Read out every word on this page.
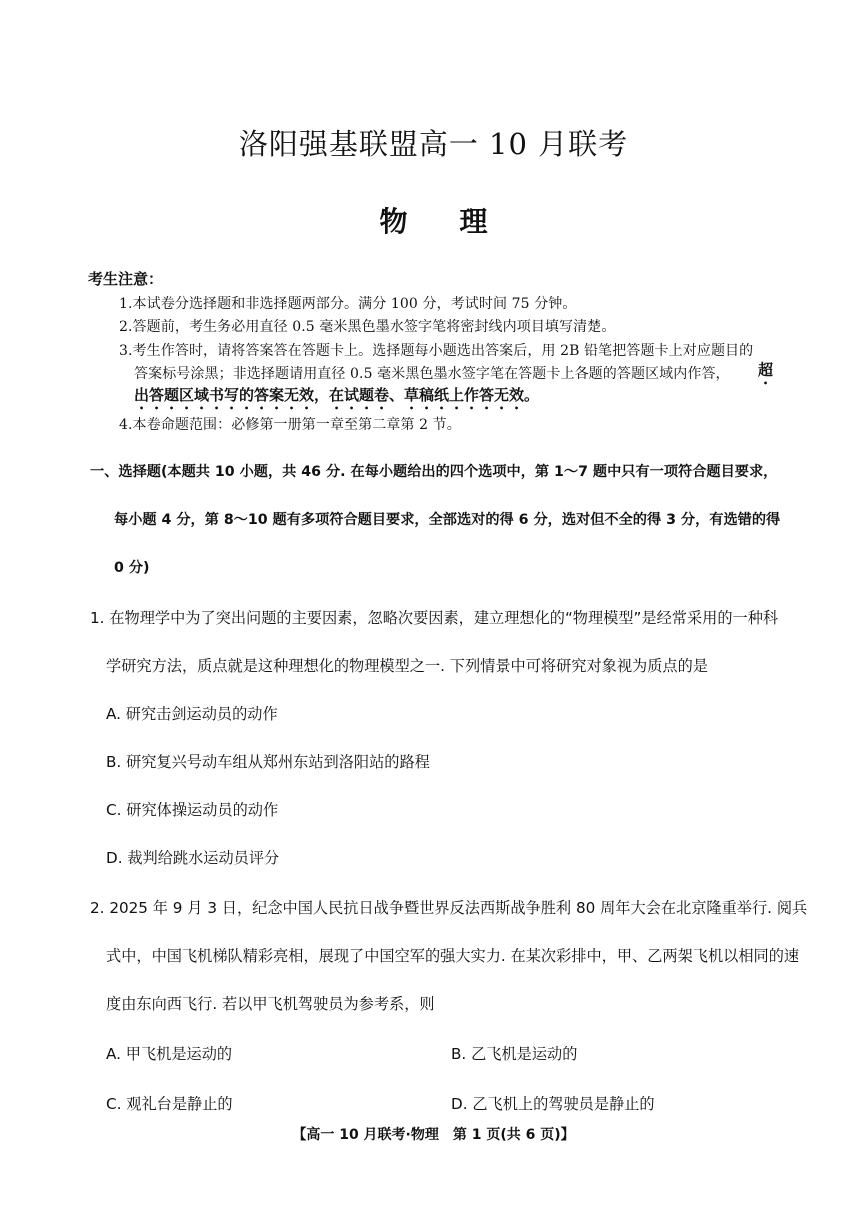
洛阳强基联盟高一 10 月联考
物理
考生注意：
1.本试卷分选择题和非选择题两部分。满分 100 分，考试时间 75 分钟。
2.答题前，考生务必用直径 0.5 毫米黑色墨水签字笔将密封线内项目填写清楚。
3.考生作答时，请将答案答在答题卡上。选择题每小题选出答案后，用 2B 铅笔把答题卡上对应题目的
答案标号涂黑；非选择题请用直径 0.5 毫米黑色墨水签字笔在答题卡上各题的答题区域内作答， 超
出答题区域书写的答案无效，在试题卷、草稿纸上作答无效。
4.本卷命题范围：必修第一册第一章至第二章第 2 节。
一、选择题(本题共 10 小题，共 46 分. 在每小题给出的四个选项中，第 1～7 题中只有一项符合题目要求，
每小题 4 分，第 8～10 题有多项符合题目要求，全部选对的得 6 分，选对但不全的得 3 分，有选错的得
0 分)
1. 在物理学中为了突出问题的主要因素，忽略次要因素，建立理想化的“物理模型”是经常采用的一种科
学研究方法，质点就是这种理想化的物理模型之一. 下列情景中可将研究对象视为质点的是
A. 研究击剑运动员的动作
B. 研究复兴号动车组从郑州东站到洛阳站的路程
C. 研究体操运动员的动作
D. 裁判给跳水运动员评分
2. 2025 年 9 月 3 日，纪念中国人民抗日战争暨世界反法西斯战争胜利 80 周年大会在北京隆重举行. 阅兵
式中，中国飞机梯队精彩亮相，展现了中国空军的强大实力. 在某次彩排中，甲、乙两架飞机以相同的速
度由东向西飞行. 若以甲飞机驾驶员为参考系，则
A. 甲飞机是运动的	B. 乙飞机是运动的
C. 观礼台是静止的	D. 乙飞机上的驾驶员是静止的
【高一 10 月联考·物理　第 1 页(共 6 页)】
